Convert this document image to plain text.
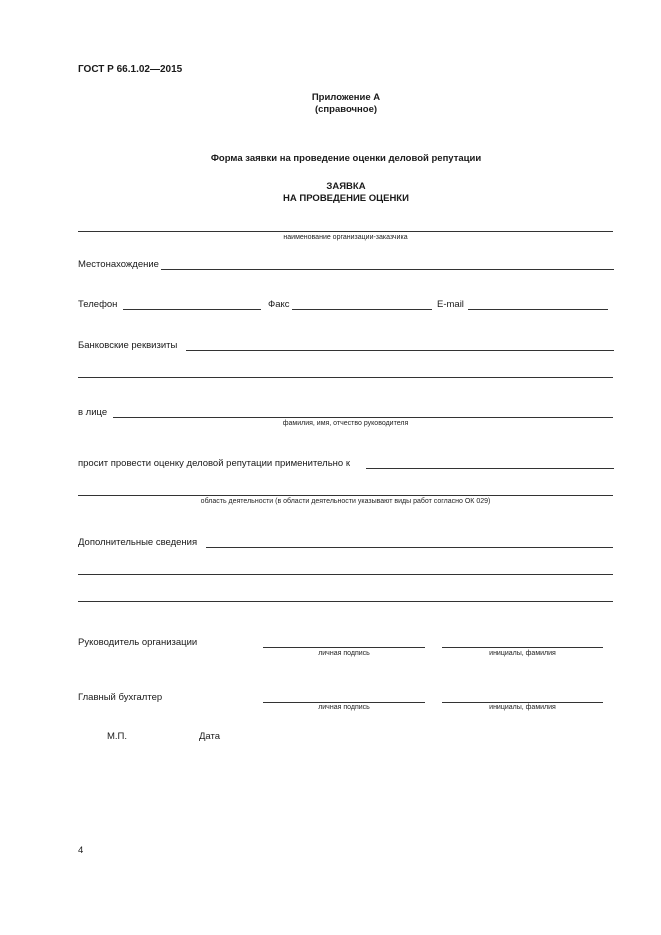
ГОСТ Р 66.1.02—2015
Приложение А
(справочное)
Форма заявки на проведение оценки деловой репутации
ЗАЯВКА
НА ПРОВЕДЕНИЕ ОЦЕНКИ
наименование организации-заказчика
Местонахождение
Телефон	Факс	E-mail
Банковские реквизиты
в лице
фамилия, имя, отчество руководителя
просит провести оценку деловой репутации применительно к
область деятельности (в области деятельности указывают виды работ согласно ОК 029)
Дополнительные сведения
Руководитель организации
личная подпись	инициалы, фамилия
Главный бухгалтер
личная подпись	инициалы, фамилия
М.П.	Дата
4
